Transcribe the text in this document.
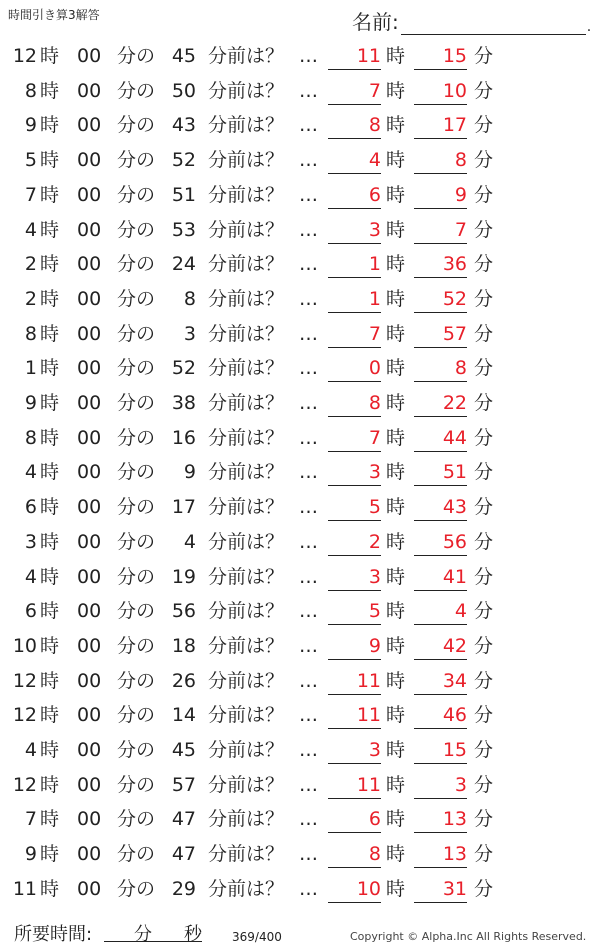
時間引き算3解答	名前:	.
12 時 00 分の 45 分前は？ …	11 時	15 分
8 時 00 分の 50 分前は？ …	7 時	10 分
9 時 00 分の 43 分前は？ …	8 時	17 分
5 時 00 分の 52 分前は？ …	4 時	8 分
7 時 00 分の 51 分前は？ …	6 時	9 分
4 時 00 分の 53 分前は？ …	3 時	7 分
2 時 00 分の 24 分前は？ …	1 時	36 分
2 時 00 分の	8 分前は？ …	1 時	52 分
8 時 00 分の	3 分前は？ …	7 時	57 分
1 時 00 分の 52 分前は？ …	0 時	8 分
9 時 00 分の 38 分前は？ …	8 時	22 分
8 時 00 分の 16 分前は？ …	7 時	44 分
4 時 00 分の	9 分前は？ …	3 時	51 分
6 時 00 分の 17 分前は？ …	5 時	43 分
3 時 00 分の	4 分前は？ …	2 時	56 分
4 時 00 分の 19 分前は？ …	3 時	41 分
6 時 00 分の 56 分前は？ …	5 時	4 分
10 時 00 分の 18 分前は？ …	9 時	42 分
12 時 00 分の 26 分前は？ …	11 時	34 分
12 時 00 分の 14 分前は？ …	11 時	46 分
4 時 00 分の 45 分前は？ …	3 時	15 分
12 時 00 分の 57 分前は？ …	11 時	3 分
7 時 00 分の 47 分前は？ …	6 時	13 分
9 時 00 分の 47 分前は？ …	8 時	13 分
11 時 00 分の 29 分前は？ …	10 時	31 分
所要時間: 分 秒	369/400	Copyright © Alpha.Inc All Rights Reserved.
